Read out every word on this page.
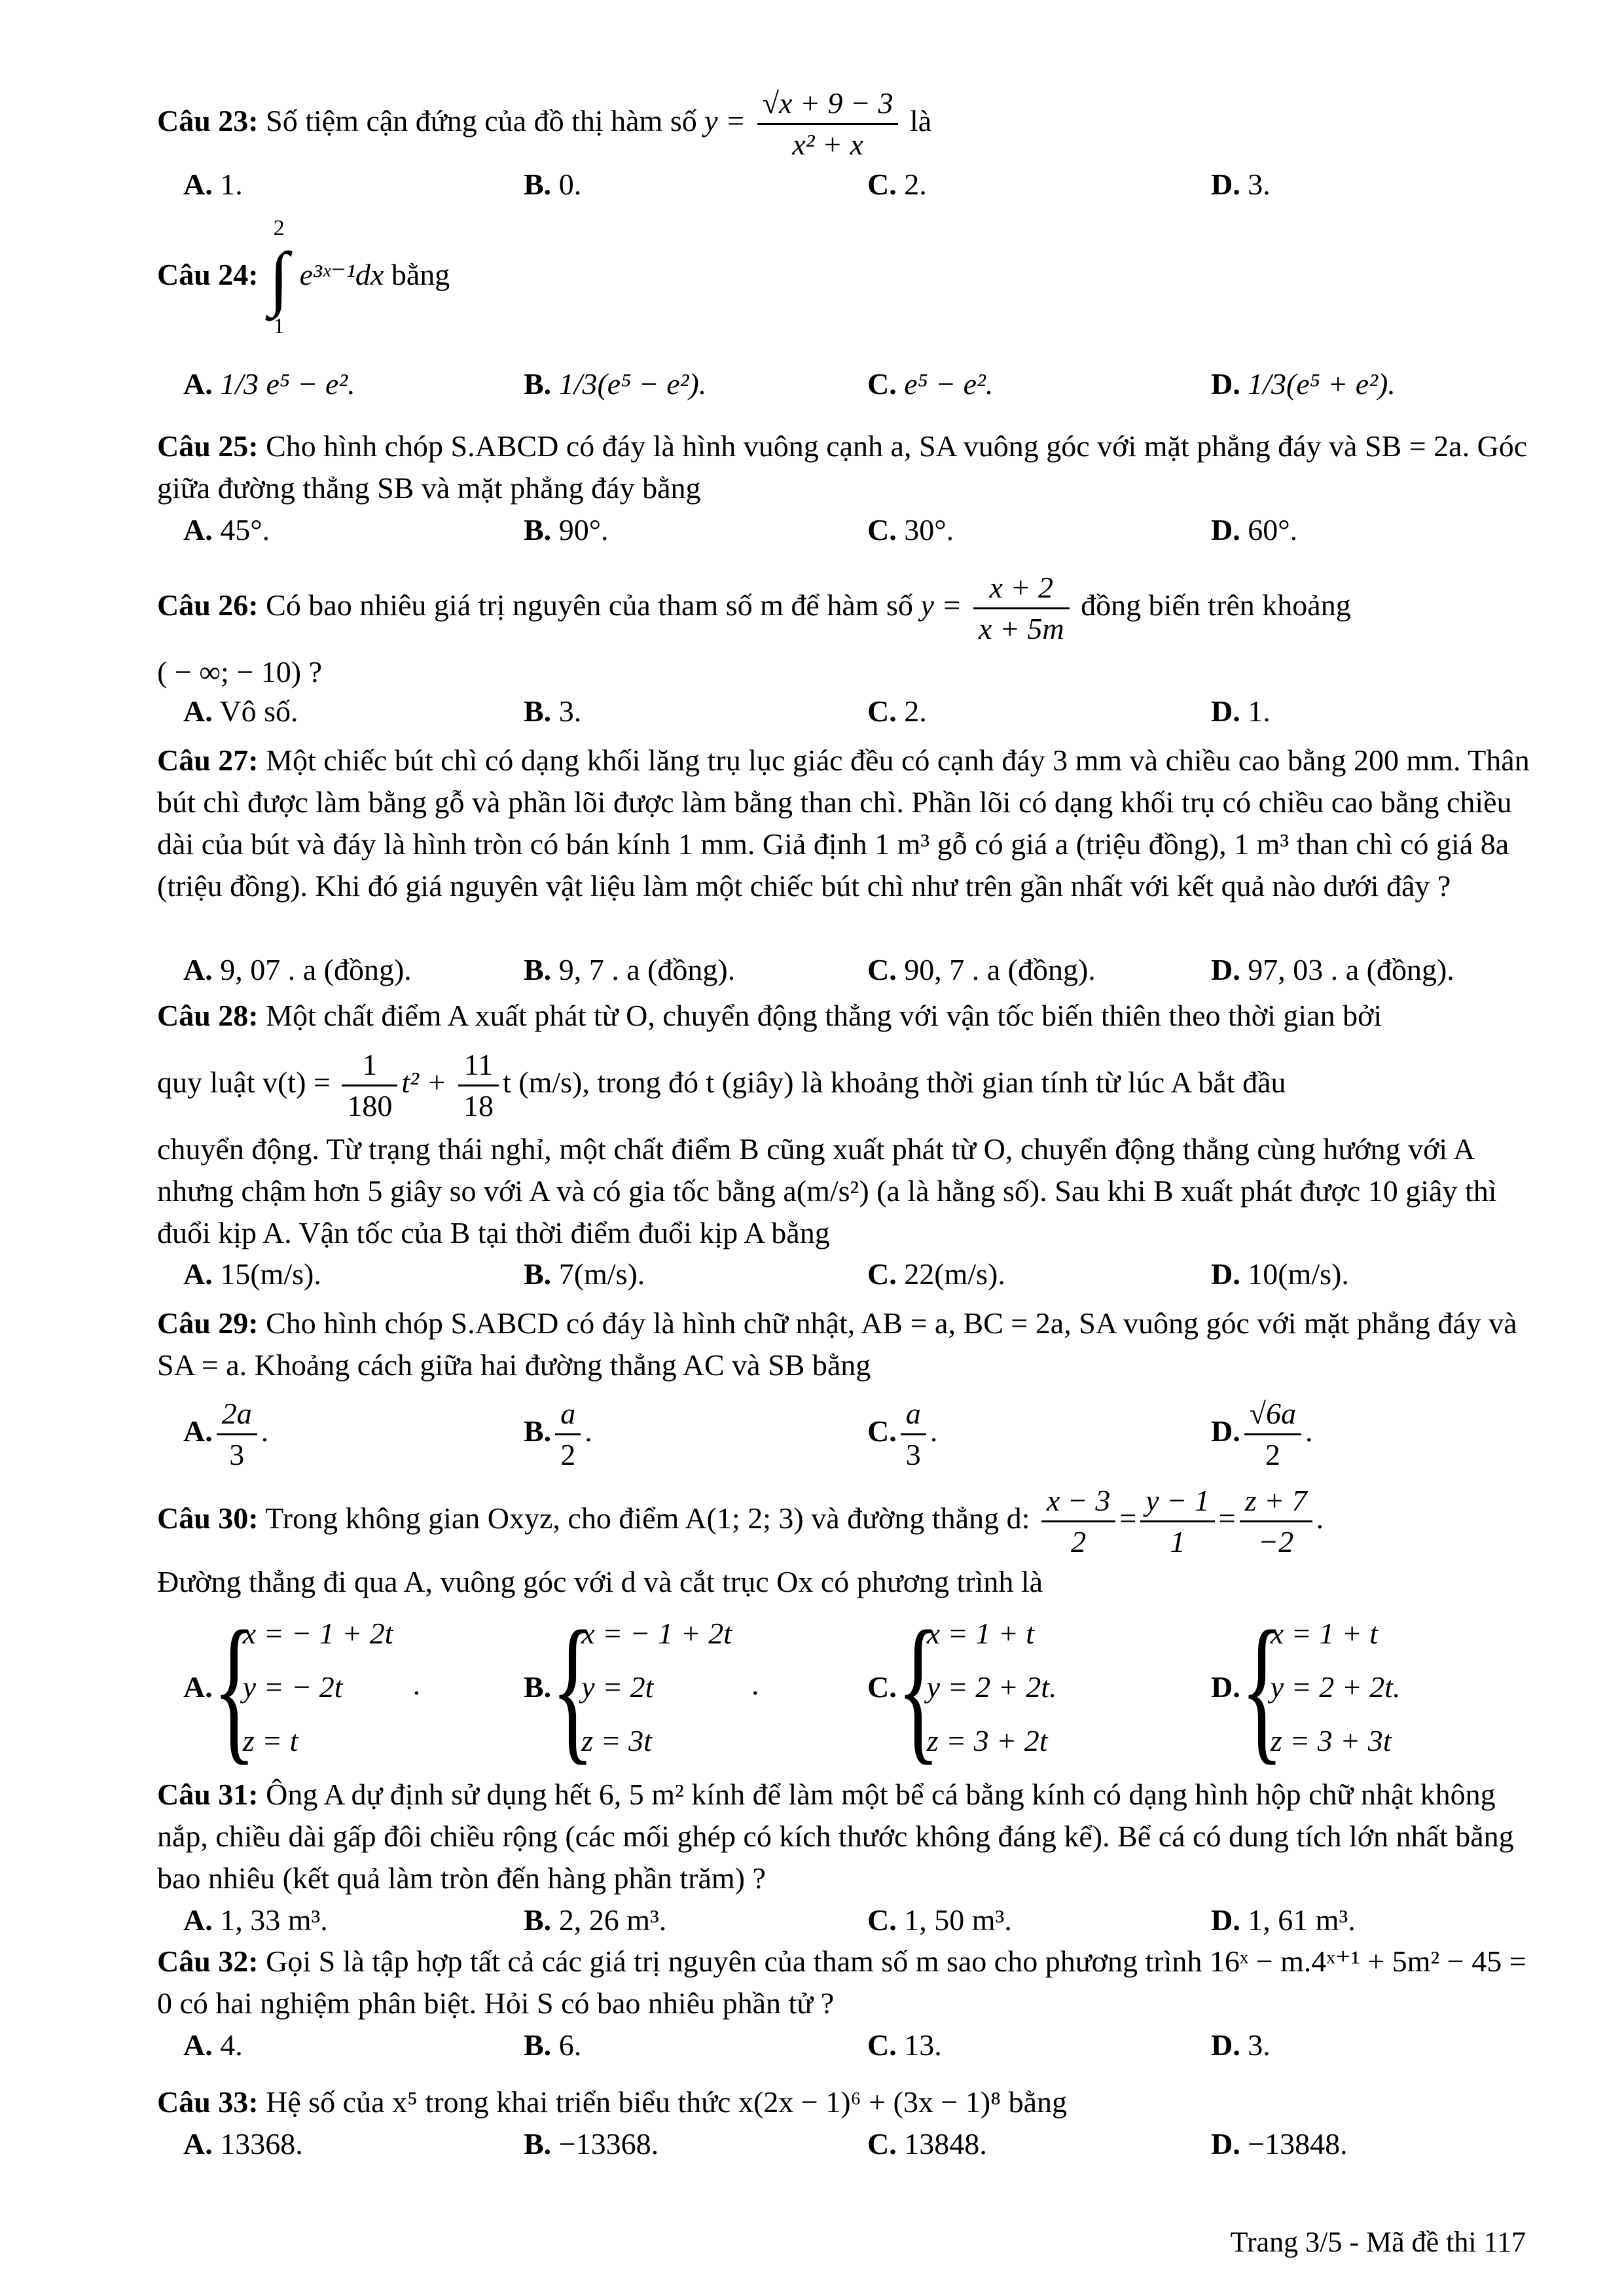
Câu 23: Số tiệm cận đứng của đồ thị hàm số $y = \frac{√x + 9 - 3}{\text{x² + x}}$ là
A. 1.	B. 0.	C. 2.	D. 3.
Câu 24:
2
∫
1
e³ˣ⁻¹dx bằng
A. 1/3 e⁵ − e².	B. 1/3(e⁵ − e²).	C. e⁵ − e².	D. 1/3(e⁵ + e²).
Câu 25: Cho hình chóp S.ABCD có đáy là hình vuông cạnh a, SA vuông góc với mặt phẳng đáy và SB = 2a. Góc giữa đường thẳng SB và mặt phẳng đáy bằng
A. 45°.	B. 90°.	C. 30°.	D. 60°.
Câu 26: Có bao nhiêu giá trị nguyên của tham số m để hàm số $y = \frac{x + 2}{x + 5m}$ đồng biến trên khoảng
( − ∞; − 10) ?
A. Vô số.	B. 3.	C. 2.	D. 1.
Câu 27: Một chiếc bút chì có dạng khối lăng trụ lục giác đều có cạnh đáy 3 mm và chiều cao bằng 200 mm. Thân bút chì được làm bằng gỗ và phần lõi được làm bằng than chì. Phần lõi có dạng khối trụ có chiều cao bằng chiều dài của bút và đáy là hình tròn có bán kính 1 mm. Giả định 1 m³ gỗ có giá a (triệu đồng), 1 m³ than chì có giá 8a (triệu đồng). Khi đó giá nguyên vật liệu làm một chiếc bút chì như trên gần nhất với kết quả nào dưới đây ?
A. 9, 07 . a (đồng).	B. 9, 7 . a (đồng).	C. 90, 7 . a (đồng).	D. 97, 03 . a (đồng).
Câu 28: Một chất điểm A xuất phát từ O, chuyển động thẳng với vận tốc biến thiên theo thời gian bởi
quy luật $v(t) = \frac{1}{180} t^2 + \frac{11}{18}$ t (m/s), trong đó t (giây) là khoảng thời gian tính từ lúc A bắt đầu
chuyển động. Từ trạng thái nghỉ, một chất điểm B cũng xuất phát từ O, chuyển động thẳng cùng hướng với A nhưng chậm hơn 5 giây so với A và có gia tốc bằng a(m/s²) (a là hằng số). Sau khi B xuất phát được 10 giây thì đuổi kịp A. Vận tốc của B tại thời điểm đuổi kịp A bằng
A. 15(m/s).	B. 7(m/s).	C. 22(m/s).	D. 10(m/s).
Câu 29: Cho hình chóp S.ABCD có đáy là hình chữ nhật, AB = a, BC = 2a, SA vuông góc với mặt phẳng đáy và SA = a. Khoảng cách giữa hai đường thẳng AC và SB bằng
A. $\frac{2a}{3}$ .	B. $\frac{a}{2}$ .	C. $\frac{a}{3}$ .	D. $\frac{√6a}{2}$ .
Câu 30: Trong không gian Oxyz, cho điểm A(1; 2; 3) và đường thẳng d: $\frac{x - 3}{2} = \frac{y - 1}{1} = \frac{z + 7}{-2}$ .
Đường thẳng đi qua A, vuông góc với d và cắt trục Ox có phương trình là
A. {
x = − 1 + 2t
y = − 2t
z = t
.	B. {
x = − 1 + 2t
y = 2t
z = 3t
.	C. {
x = 1 + t
y = 2 + 2t.
z = 3 + 2t
D. {
x = 1 + t
y = 2 + 2t.
z = 3 + 3t
Câu 31: Ông A dự định sử dụng hết 6, 5 m² kính để làm một bể cá bằng kính có dạng hình hộp chữ nhật không nắp, chiều dài gấp đôi chiều rộng (các mối ghép có kích thước không đáng kể). Bể cá có dung tích lớn nhất bằng bao nhiêu (kết quả làm tròn đến hàng phần trăm) ?
A. 1, 33 m³.	B. 2, 26 m³.	C. 1, 50 m³.	D. 1, 61 m³.
Câu 32: Gọi S là tập hợp tất cả các giá trị nguyên của tham số m sao cho phương trình 16ˣ − m.4ˣ⁺¹ + 5m² − 45 = 0 có hai nghiệm phân biệt. Hỏi S có bao nhiêu phần tử ?
A. 4.	B. 6.	C. 13.	D. 3.
Câu 33: Hệ số của x⁵ trong khai triển biểu thức x(2x − 1)⁶ + (3x − 1)⁸ bằng
A. 13368.	B. −13368.	C. 13848.	D. −13848.
Trang 3/5 - Mã đề thi 117
